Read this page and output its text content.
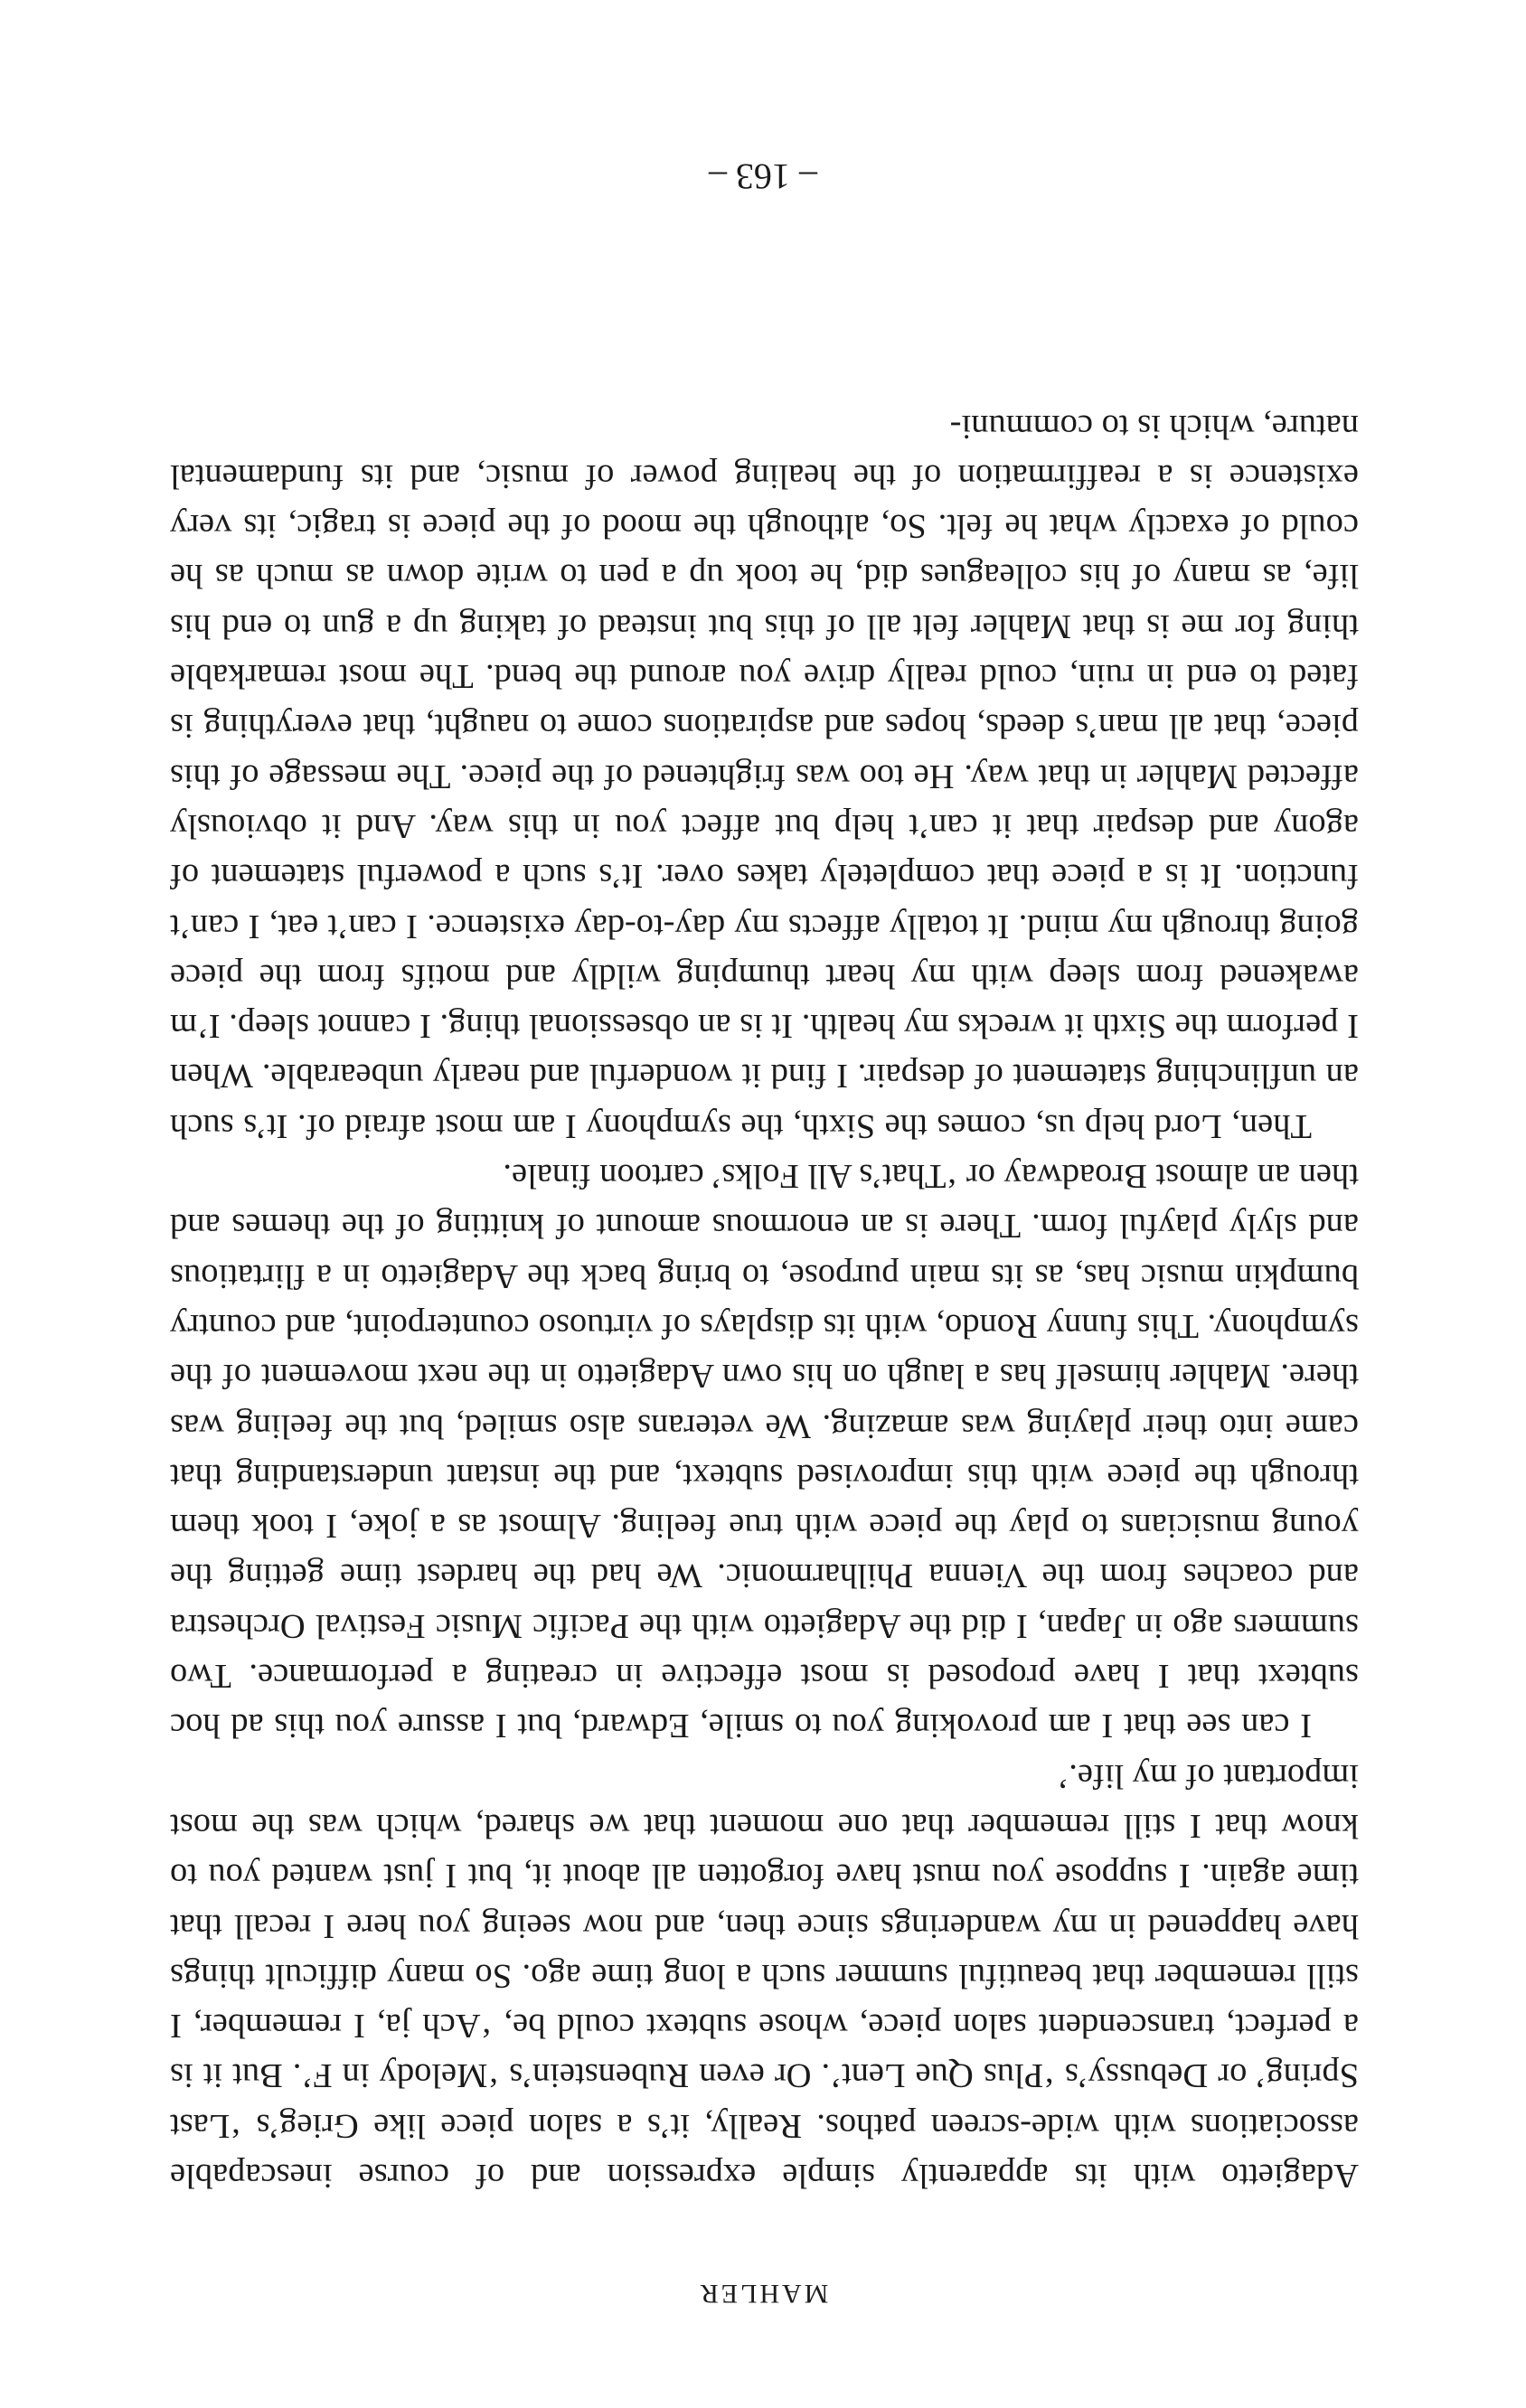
MAHLER

Adagietto with its apparently simple expression and of course inescapable associations with wide-screen pathos. Really, it’s a salon piece like Grieg’s ‘Last Spring’ or Debussy’s ‘Plus Que Lent’. Or even Rubenstein’s ‘Melody in F’. But it is a perfect, transcendent salon piece, whose subtext could be, ‘Ach ja, I remember, I still remember that beautiful summer such a long time ago. So many difficult things have happened in my wanderings since then, and now seeing you here I recall that time again. I suppose you must have forgotten all about it, but I just wanted you to know that I still remember that one moment that we shared, which was the most important of my life.’

I can see that I am provoking you to smile, Edward, but I assure you this ad hoc subtext that I have proposed is most effective in creating a performance. Two summers ago in Japan, I did the Adagietto with the Pacific Music Festival Orchestra and coaches from the Vienna Philharmonic. We had the hardest time getting the young musicians to play the piece with true feeling. Almost as a joke, I took them through the piece with this improvised subtext, and the instant understanding that came into their playing was amazing. We veterans also smiled, but the feeling was there. Mahler himself has a laugh on his own Adagietto in the next movement of the symphony. This funny Rondo, with its displays of virtuoso counterpoint, and country bumpkin music has, as its main purpose, to bring back the Adagietto in a flirtatious and slyly playful form. There is an enormous amount of knitting of the themes and then an almost Broadway or ‘That’s All Folks’ cartoon finale.

Then, Lord help us, comes the Sixth, the symphony I am most afraid of. It’s such an unflinching statement of despair. I find it wonderful and nearly unbearable. When I perform the Sixth it wrecks my health. It is an obsessional thing. I cannot sleep. I’m awakened from sleep with my heart thumping wildly and motifs from the piece going through my mind. It totally affects my day-to-day existence. I can’t eat, I can’t function. It is a piece that completely takes over. It’s such a powerful statement of agony and despair that it can’t help but affect you in this way. And it obviously affected Mahler in that way. He too was frightened of the piece. The message of this piece, that all man’s deeds, hopes and aspirations come to naught, that everything is fated to end in ruin, could really drive you around the bend. The most remarkable thing for me is that Mahler felt all of this but instead of taking up a gun to end his life, as many of his colleagues did, he took up a pen to write down as much as he could of exactly what he felt. So, although the mood of the piece is tragic, its very existence is a reaffirmation of the healing power of music, and its fundamental nature, which is to communi-

– 163 –
